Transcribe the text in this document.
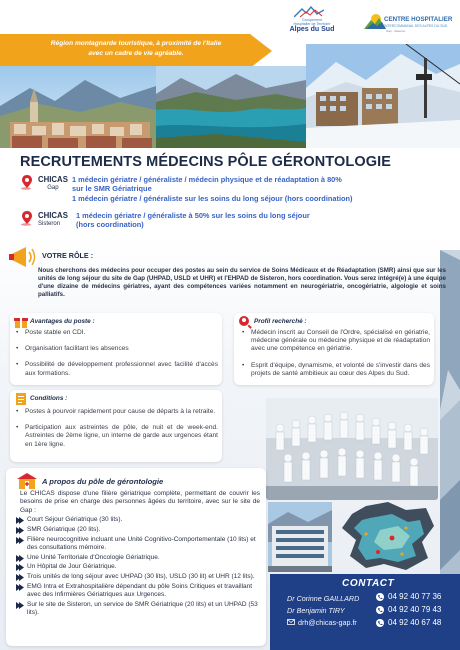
Groupement
Hospitalier de Territoire
Alpes du Sud
CENTRE HOSPITALIER
INTERCOMMUNAL DES ALPES DU SUD
Gap - Sisteron
Région montagnarde touristique, à proximité de l'Italie
avec un cadre de vie agréable.
RECRUTEMENTS MÉDECINS PÔLE GÉRONTOLOGIE
CHICAS
Gap
1 médecin gériatre / généraliste / médecin physique et de réadaptation à 80%
sur le SMR Gériatrique
1 médecin gériatre / généraliste sur les soins du long séjour (hors coordination)
CHICAS
Sisteron
1 médecin gériatre / généraliste à 50% sur les soins du long séjour
(hors coordination)
VOTRE RÔLE :
Nous cherchons des médecins pour occuper des postes au sein du service de Soins Médicaux et de Réadaptation (SMR) ainsi que sur les unités de long séjour du site de Gap (UHPAD, USLD et UHR) et l'EHPAD de Sisteron, hors coordination. Vous serez intégré(e) à une équipe d'une dizaine de médecins gériatres, ayant des compétences variées notamment en neurogériatrie, oncogériatrie, algologie et soins palliatifs.
Avantages du poste :
• Poste stable en CDI.
• Organisation facilitant les absences
• Possibilité de développement professionnel avec facilité d'accès aux formations.
Profil recherché :
• Médecin inscrit au Conseil de l'Ordre, spécialisé en gériatrie, médecine générale ou médecine physique et de réadaptation avec une compétence en gériatrie.
• Esprit d'équipe, dynamisme, et volonté de s'investir dans des projets de santé ambitieux au cœur des Alpes du Sud.
Conditions :
• Postes à pourvoir rapidement pour cause de départs à la retraite.
• Participation aux astreintes de pôle, de nuit et de week-end. Astreintes de 2ème ligne, un interne de garde aux urgences étant en 1ère ligne.
A propos du pôle de gérontologie
Le CHICAS dispose d'une filière gériatrique complète, permettant de couvrir les besoins de prise en charge des personnes âgées du territoire, avec sur le site de Gap :
Court Séjour Gériatrique (30 lits).
SMR Gériatrique (20 lits).
Filière neurocognitive incluant une Unité Cognitivo-Comportementale (10 lits) et des consultations mémoire.
Une Unité Territoriale d'Oncologie Gériatrique.
Un Hôpital de Jour Gériatrique.
Trois unités de long séjour avec UHPAD (30 lits), USLD (30 lit) et UHR (12 lits).
EMG Intra et Extrahospitalière dépendant du pôle Soins Critiques et travaillant avec des Infirmières Gériatriques aux Urgences.
Sur le site de Sisteron, un service de SMR Gériatrique (20 lits) et un UHPAD (53 lits).
CONTACT
Dr Corinne GAILLARD
Dr Benjamin TIRY
drh@chicas-gap.fr
04 92 40 77 36
04 92 40 79 43
04 92 40 67 48
